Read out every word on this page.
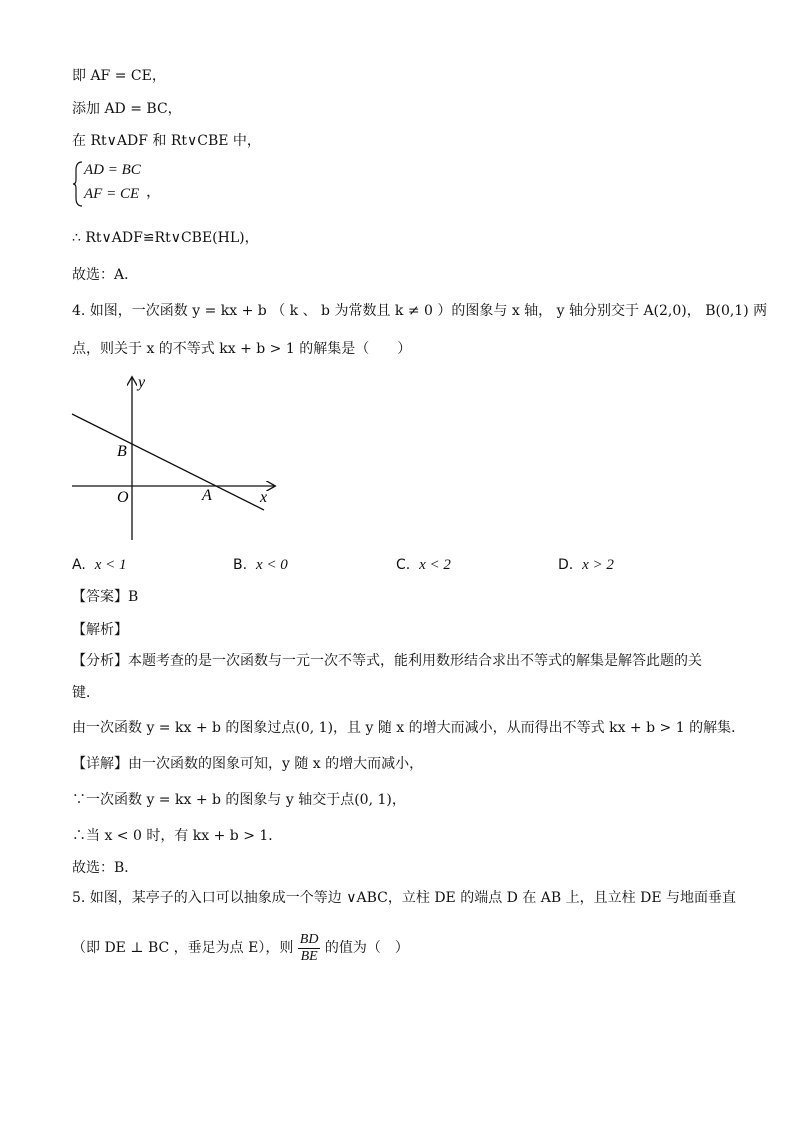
即 AF = CE，
添加 AD = BC，
在 Rt∨ADF 和 Rt∨CBE 中，
AD = BC
AF = CE ，
∴ Rt∨ADF≌Rt∨CBE(HL)，
故选：A．
4. 如图，一次函数 y = kx + b （ k 、 b 为常数且 k ≠ 0 ）的图象与 x 轴， y 轴分别交于 A(2,0)， B(0,1) 两
点，则关于 x 的不等式 kx + b > 1 的解集是（　　）
y
x
O	A
B
A. x < 1	B. x < 0	C. x < 2	D. x > 2
【答案】B
【解析】
【分析】本题考查的是一次函数与一元一次不等式，能利用数形结合求出不等式的解集是解答此题的关
键．
由一次函数 y = kx + b 的图象过点(0, 1)，且 y 随 x 的增大而减小，从而得出不等式 kx + b > 1 的解集．
【详解】由一次函数的图象可知，y 随 x 的增大而减小，
∵一次函数 y = kx + b 的图象与 y 轴交于点(0, 1)，
∴当 x < 0 时，有 kx + b > 1．
故选：B．
5. 如图，某亭子的入口可以抽象成一个等边 ∨ABC，立柱 DE 的端点 D 在 AB 上，且立柱 DE 与地面垂直
（即 DE ⊥ BC ，垂足为点 E），则 $\frac{BD}{BE}$ 的值为（　）
